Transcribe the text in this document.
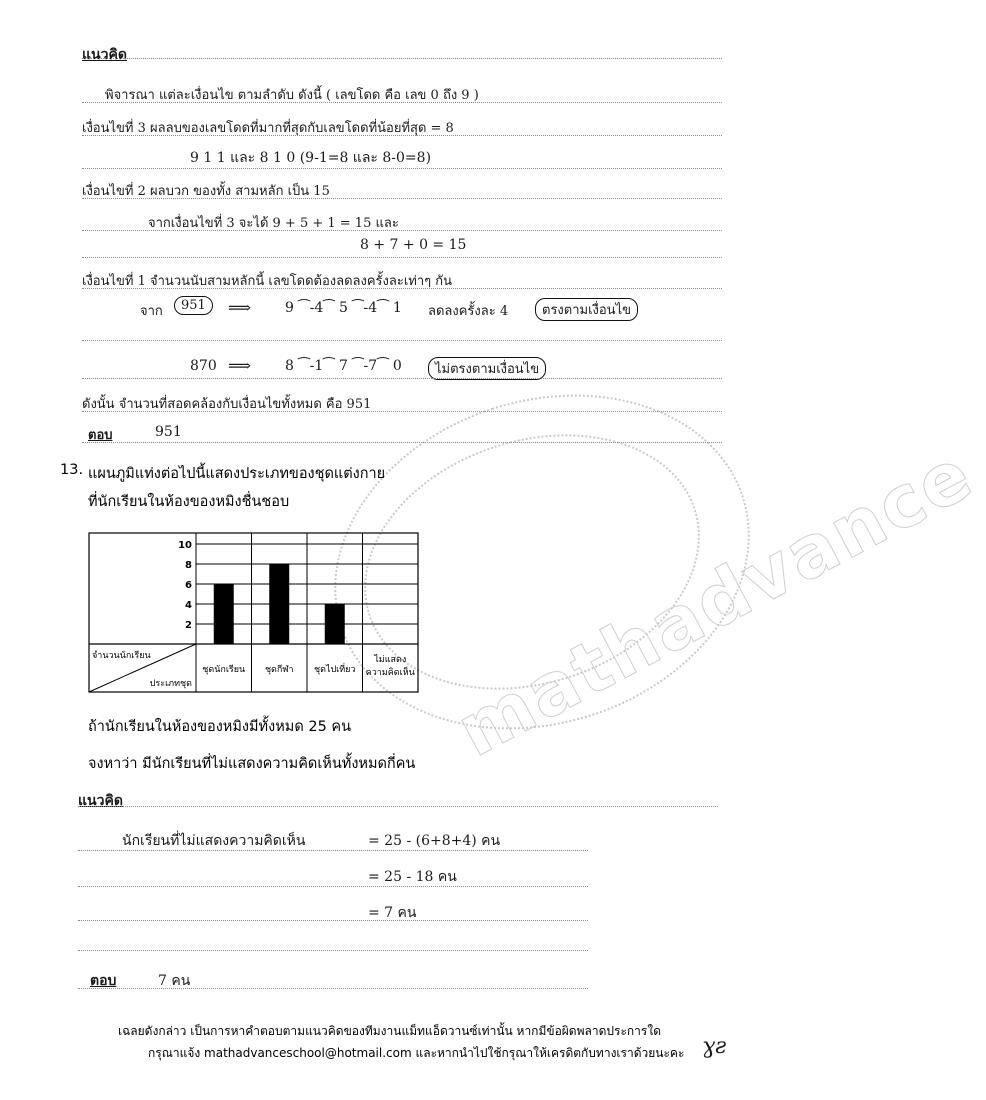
mathadvance
แนวคิด
พิจารณา แต่ละเงื่อนไข ตามลำดับ ดังนี้ ( เลขโดด คือ เลข 0 ถึง 9 )
เงื่อนไขที่ 3 ผลลบของเลขโดดที่มากที่สุดกับเลขโดดที่น้อยที่สุด = 8
9 1 1 และ 8 1 0 (9-1=8 และ 8-0=8)
เงื่อนไขที่ 2 ผลบวก ของทั้ง สามหลัก เป็น 15
จากเงื่อนไขที่ 3 จะได้ 9 + 5 + 1 = 15 และ
8 + 7 + 0 = 15
เงื่อนไขที่ 1 จำนวนนับสามหลักนี้ เลขโดดต้องลดลงครั้งละเท่าๆ กัน
จาก	951	⟹ 9 ⁀-4⁀ 5 ⁀-4⁀ 1 ลดลงครั้งละ 4	ตรงตามเงื่อนไข
870 ⟹ 8 ⁀-1⁀ 7 ⁀-7⁀ 0	ไม่ตรงตามเงื่อนไข
ดังนั้น จำนวนที่สอดคล้องกับเงื่อนไขทั้งหมด คือ 951
ตอบ	951
13. แผนภูมิแท่งต่อไปนี้แสดงประเภทของชุดแต่งกาย
ที่นักเรียนในห้องของหมิงชื่นชอบ
2
4
6
8
10
จำนวนนักเรียน
ประเภทชุด
ชุดนักเรียน ชุดกีฬา ชุดไปเที่ยว
ไม่แสดง
ความคิดเห็น
ถ้านักเรียนในห้องของหมิงมีทั้งหมด 25 คน
จงหาว่า มีนักเรียนที่ไม่แสดงความคิดเห็นทั้งหมดกี่คน
แนวคิด
นักเรียนที่ไม่แสดงความคิดเห็น	= 25 - (6+8+4) คน
= 25 - 18 คน
= 7 คน
ตอบ	7 คน
เฉลยดังกล่าว เป็นการหาคำตอบตามแนวคิดของทีมงานแม็ทแอ็ดวานซ์เท่านั้น หากมีข้อผิดพลาดประการใด
กรุณาแจ้ง mathadvanceschool@hotmail.com และหากนำไปใช้กรุณาให้เครดิตกับทางเราด้วยนะคะ ɣƨ
